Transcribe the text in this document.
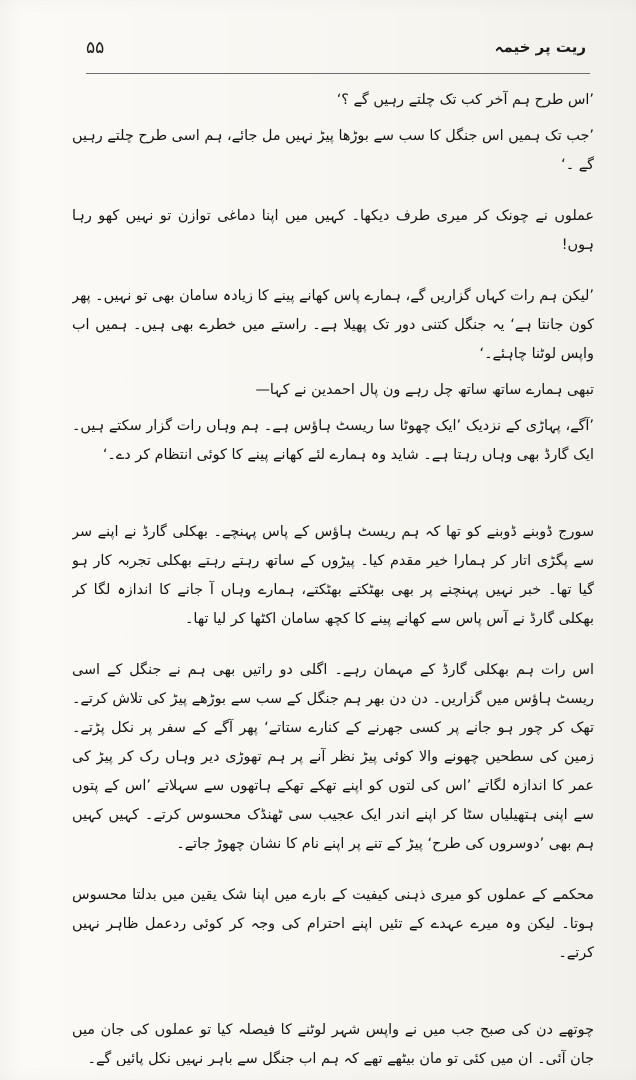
۵۵	ریت پر خیمہ

’اس طرح ہم آخر کب تک چلتے رہیں گے ؟‘

’جب تک ہمیں اس جنگل کا سب سے بوڑھا پیڑ نہیں مل جائے، ہم اسی طرح چلتے رہیں گے ۔‘

عملوں نے چونک کر میری طرف دیکھا۔ کہیں میں اپنا دماغی توازن تو نہیں کھو رہا ہوں!

’لیکن ہم رات کہاں گزاریں گے، ہمارے پاس کھانے پینے کا زیادہ سامان بھی تو نہیں۔ پھر کون جانتا ہے‘ یہ جنگل کتنی دور تک پھیلا ہے۔ راستے میں خطرے بھی ہیں۔ ہمیں اب واپس لوٹنا چاہئے۔‘

تبھی ہمارے ساتھ ساتھ چل رہے ون پال احمدین نے کہا—

’آگے، پہاڑی کے نزدیک ’ایک چھوٹا سا ریسٹ ہاؤس ہے۔ ہم وہاں رات گزار سکتے ہیں۔ ایک گارڈ بھی وہاں رہتا ہے۔ شاید وہ ہمارے لئے کھانے پینے کا کوئی انتظام کر دے۔‘

سورج ڈوبنے ڈوبنے کو تھا کہ ہم ریسٹ ہاؤس کے پاس پہنچے۔ بھکلی گارڈ نے اپنے سر سے پگڑی اتار کر ہمارا خیر مقدم کیا۔ پیڑوں کے ساتھ رہتے رہتے بھکلی تجربہ کار ہو گیا تھا۔ خبر نہیں پہنچنے پر بھی بھٹکتے بھٹکتے، ہمارے وہاں آ جانے کا اندازہ لگا کر بھکلی گارڈ نے آس پاس سے کھانے پینے کا کچھ سامان اکٹھا کر لیا تھا۔

اس رات ہم بھکلی گارڈ کے مہمان رہے۔ اگلی دو راتیں بھی ہم نے جنگل کے اسی ریسٹ ہاؤس میں گزاریں۔ دن دن بھر ہم جنگل کے سب سے بوڑھے پیڑ کی تلاش کرتے۔ تھک کر چور ہو جانے پر کسی جھرنے کے کنارے ستاتے‘ پھر آگے کے سفر پر نکل پڑتے۔ زمین کی سطحیں چھونے والا کوئی پیڑ نظر آنے پر ہم تھوڑی دیر وہاں رک کر پیڑ کی عمر کا اندازہ لگاتے ’اس کی لتوں کو اپنے تھکے تھکے ہاتھوں سے سہلاتے ’اس کے پتوں سے اپنی ہتھیلیاں سٹا کر اپنے اندر ایک عجیب سی ٹھنڈک محسوس کرتے۔ کہیں کہیں ہم بھی ’دوسروں کی طرح‘ پیڑ کے تنے پر اپنے نام کا نشان چھوڑ جاتے۔

محکمے کے عملوں کو میری ذہنی کیفیت کے بارے میں اپنا شک یقین میں بدلتا محسوس ہوتا۔ لیکن وہ میرے عہدے کے تئیں اپنے احترام کی وجہ کر کوئی ردعمل ظاہر نہیں کرتے۔

چوتھے دن کی صبح جب میں نے واپس شہر لوٹنے کا فیصلہ کیا تو عملوں کی جان میں جان آئی۔ ان میں کئی تو مان بیٹھے تھے کہ ہم اب جنگل سے باہر نہیں نکل پائیں گے۔
